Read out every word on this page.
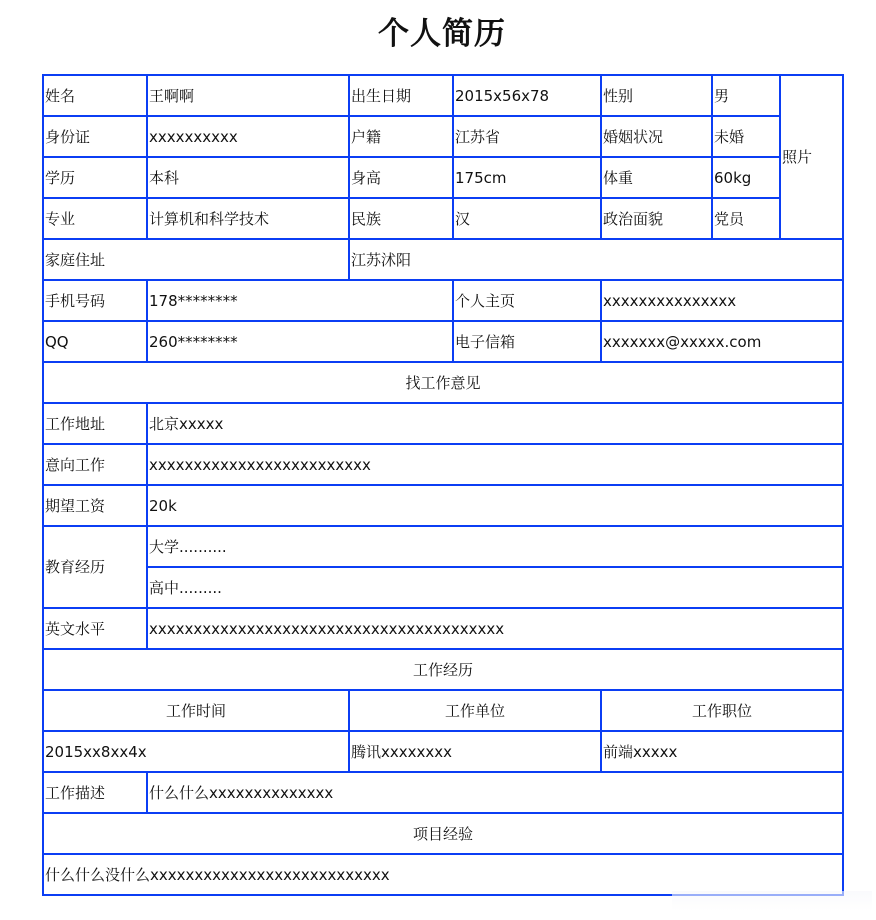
个人简历
姓名	王啊啊	出生日期	2015x56x78	性别	男	照片
身份证	xxxxxxxxxx	户籍	江苏省	婚姻状况	未婚	
学历	本科	身高	175cm	体重	60kg	
专业	计算机和科学技术	民族	汉	政治面貌	党员	
家庭住址		江苏沭阳				
手机号码	178********		个人主页	xxxxxxxxxxxxxxx		
QQ	260********		电子信箱	xxxxxxx@xxxxx.com		
找工作意见						
工作地址	北京xxxxx					
意向工作	xxxxxxxxxxxxxxxxxxxxxxxxx					
期望工资	20k					
教育经历	大学..........					
	高中.........					
英文水平	xxxxxxxxxxxxxxxxxxxxxxxxxxxxxxxxxxxxxxxx					
工作经历						
工作时间		工作单位		工作职位		
2015xx8xx4x		腾讯xxxxxxxx		前端xxxxx		
工作描述	什么什么xxxxxxxxxxxxxx					
项目经验						
什么什么没什么xxxxxxxxxxxxxxxxxxxxxxxxxxx						
